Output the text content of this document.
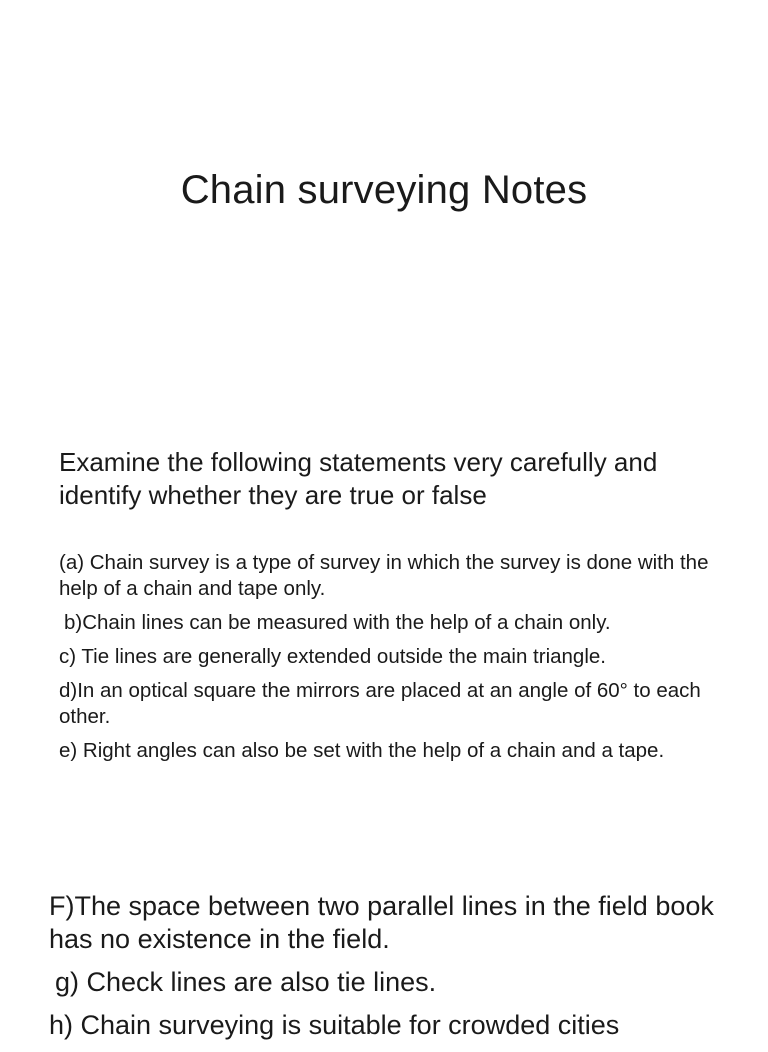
Chain surveying Notes

Examine the following statements very carefully and identify whether they are true or false

(a) Chain survey is a type of survey in which the survey is done with the help of a chain and tape only.
b)Chain lines can be measured with the help of a chain only.
c) Tie lines are generally extended outside the main triangle.
d)In an optical square the mirrors are placed at an angle of 60° to each other.
e) Right angles can also be set with the help of a chain and a tape.
F)The space between two parallel lines in the field book has no existence in the field.
g) Check lines are also tie lines.
h) Chain surveying is suitable for crowded cities
